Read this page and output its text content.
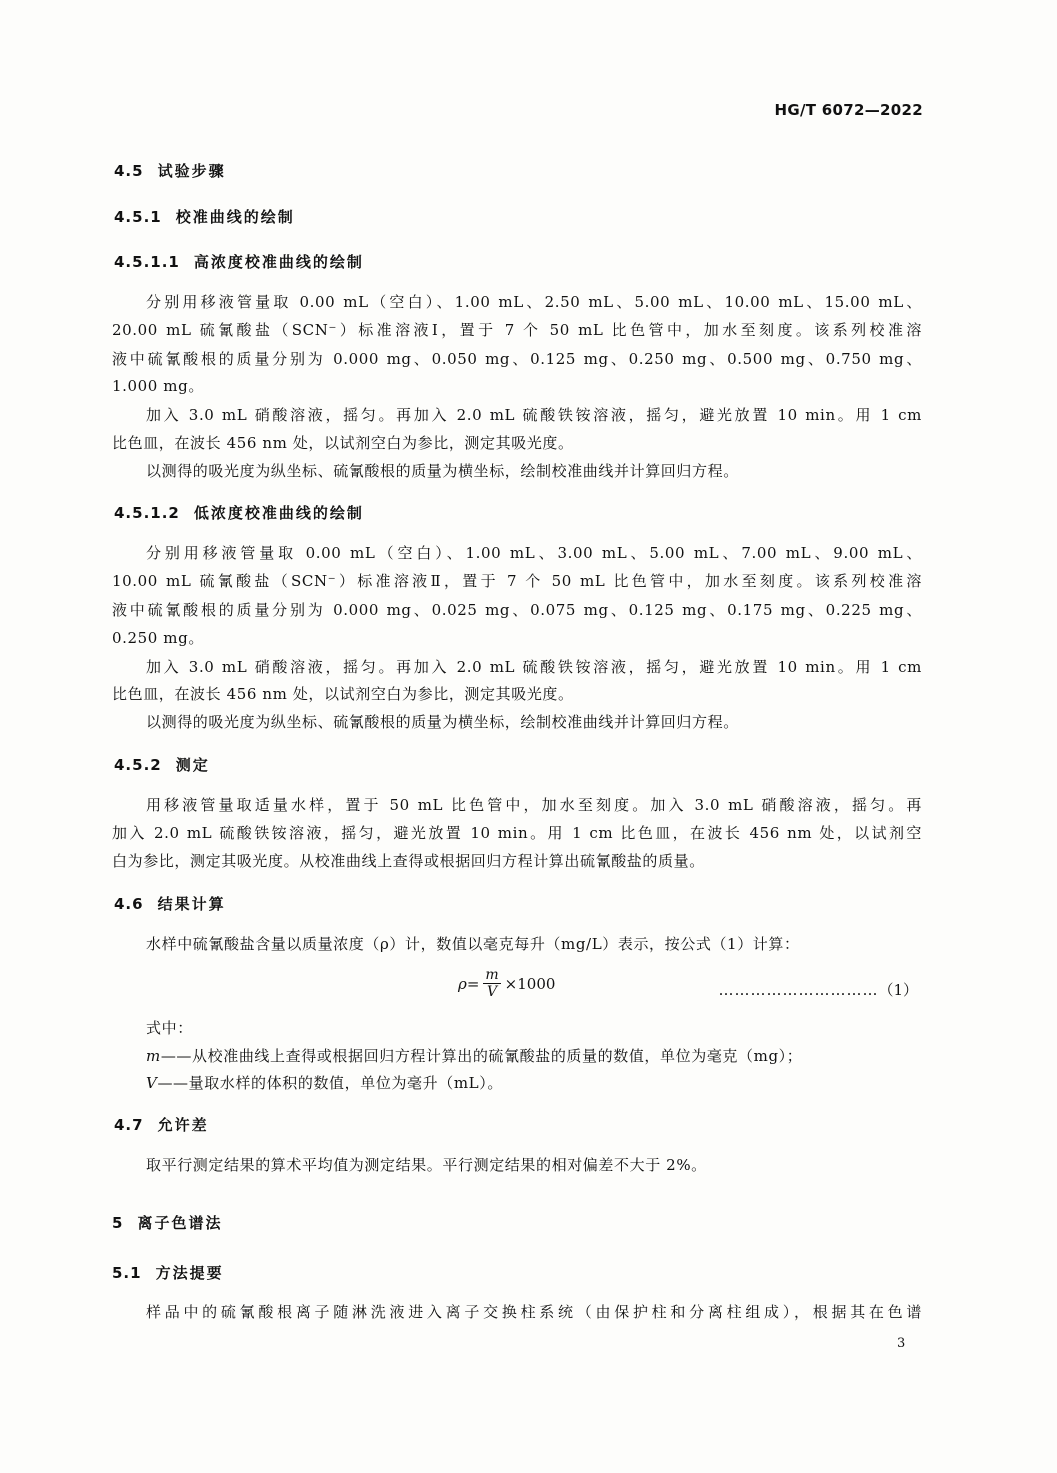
HG/T 6072—2022
4.5 试验步骤
4.5.1 校准曲线的绘制
4.5.1.1 高浓度校准曲线的绘制
分别用移液管量取 0.00 mL（空白）、1.00 mL、2.50 mL、5.00 mL、10.00 mL、15.00 mL、
20.00 mL 硫氰酸盐（SCN⁻）标准溶液Ⅰ，置于 7 个 50 mL 比色管中，加水至刻度。该系列校准溶
液中硫氰酸根的质量分别为 0.000 mg、0.050 mg、0.125 mg、0.250 mg、0.500 mg、0.750 mg、
1.000 mg。
加入 3.0 mL 硝酸溶液，摇匀。再加入 2.0 mL 硫酸铁铵溶液，摇匀，避光放置 10 min。用 1 cm
比色皿，在波长 456 nm 处，以试剂空白为参比，测定其吸光度。
以测得的吸光度为纵坐标、硫氰酸根的质量为横坐标，绘制校准曲线并计算回归方程。
4.5.1.2 低浓度校准曲线的绘制
分别用移液管量取 0.00 mL（空白）、1.00 mL、3.00 mL、5.00 mL、7.00 mL、9.00 mL、
10.00 mL 硫氰酸盐（SCN⁻）标准溶液Ⅱ，置于 7 个 50 mL 比色管中，加水至刻度。该系列校准溶
液中硫氰酸根的质量分别为 0.000 mg、0.025 mg、0.075 mg、0.125 mg、0.175 mg、0.225 mg、
0.250 mg。
加入 3.0 mL 硝酸溶液，摇匀。再加入 2.0 mL 硫酸铁铵溶液，摇匀，避光放置 10 min。用 1 cm
比色皿，在波长 456 nm 处，以试剂空白为参比，测定其吸光度。
以测得的吸光度为纵坐标、硫氰酸根的质量为横坐标，绘制校准曲线并计算回归方程。
4.5.2 测定
用移液管量取适量水样，置于 50 mL 比色管中，加水至刻度。加入 3.0 mL 硝酸溶液，摇匀。再
加入 2.0 mL 硫酸铁铵溶液，摇匀，避光放置 10 min。用 1 cm 比色皿，在波长 456 nm 处，以试剂空
白为参比，测定其吸光度。从校准曲线上查得或根据回归方程计算出硫氰酸盐的质量。
4.6 结果计算
水样中硫氰酸盐含量以质量浓度（ρ）计，数值以毫克每升（mg/L）表示，按公式（1）计算：
$\rho= \frac{m}{V} \times 1000$	…………………………（1）
式中：
m——从校准曲线上查得或根据回归方程计算出的硫氰酸盐的质量的数值，单位为毫克（mg）；
V——量取水样的体积的数值，单位为毫升（mL）。
4.7 允许差
取平行测定结果的算术平均值为测定结果。平行测定结果的相对偏差不大于 2%。
5 离子色谱法
5.1 方法提要
样品中的硫氰酸根离子随淋洗液进入离子交换柱系统（由保护柱和分离柱组成），根据其在色谱
3
